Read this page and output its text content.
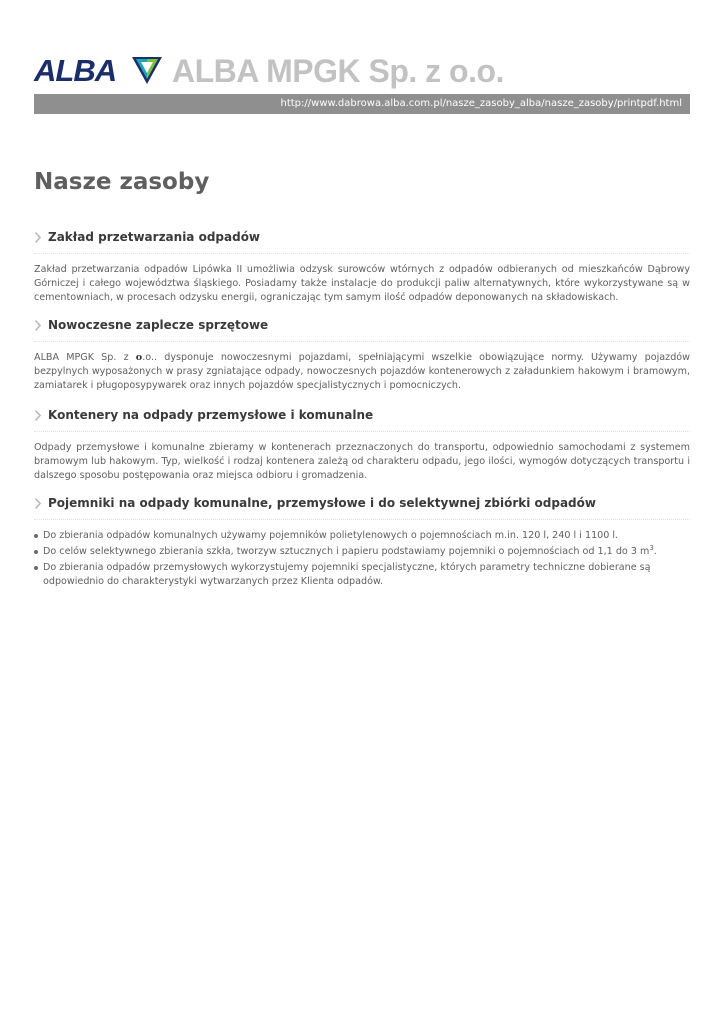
ALBA ALBA MPGK Sp. z o.o.
http://www.dabrowa.alba.com.pl/nasze_zasoby_alba/nasze_zasoby/printpdf.html
Nasze zasoby
Zakład przetwarzania odpadów

Zakład przetwarzania odpadów Lipówka II umożliwia odzysk surowców wtórnych z odpadów odbieranych od mieszkańców Dąbrowy Górniczej i całego województwa śląskiego. Posiadamy także instalacje do produkcji paliw alternatywnych, które wykorzystywane są w cementowniach, w procesach odzysku energii, ograniczając tym samym ilość odpadów deponowanych na składowiskach.

Nowoczesne zaplecze sprzętowe

ALBA MPGK Sp. z o.o.. dysponuje nowoczesnymi pojazdami, spełniającymi wszelkie obowiązujące normy. Używamy pojazdów bezpylnych wyposażonych w prasy zgniatające odpady, nowoczesnych pojazdów kontenerowych z załadunkiem hakowym i bramowym, zamiatarek i pługoposypywarek oraz innych pojazdów specjalistycznych i pomocniczych.

Kontenery na odpady przemysłowe i komunalne

Odpady przemysłowe i komunalne zbieramy w kontenerach przeznaczonych do transportu, odpowiednio samochodami z systemem bramowym lub hakowym. Typ, wielkość i rodzaj kontenera zależą od charakteru odpadu, jego ilości, wymogów dotyczących transportu i dalszego sposobu postępowania oraz miejsca odbioru i gromadzenia.

Pojemniki na odpady komunalne, przemysłowe i do selektywnej zbiórki odpadów
Do zbierania odpadów komunalnych używamy pojemników polietylenowych o pojemnościach m.in. 120 l, 240 l i 1100 l.
Do celów selektywnego zbierania szkła, tworzyw sztucznych i papieru podstawiamy pojemniki o pojemnościach od 1,1 do 3 $m^3$.
Do zbierania odpadów przemysłowych wykorzystujemy pojemniki specjalistyczne, których parametry techniczne dobierane są odpowiednio do charakterystyki wytwarzanych przez Klienta odpadów.
